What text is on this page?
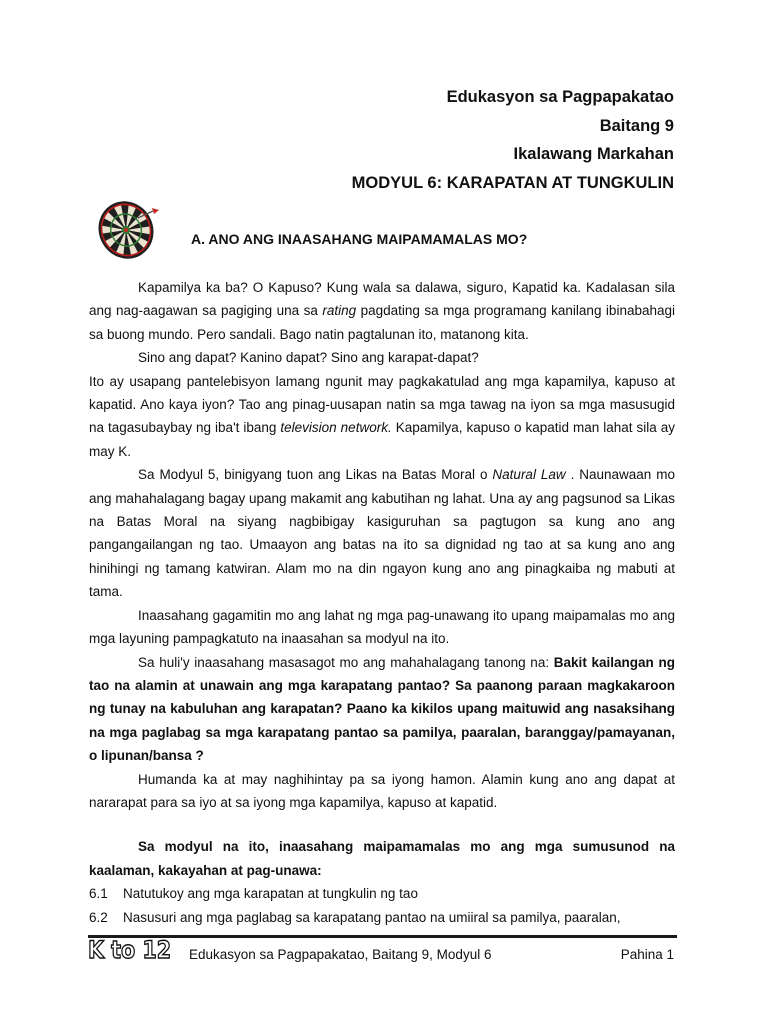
Edukasyon sa Pagpapakatao
Baitang 9
Ikalawang Markahan
MODYUL 6: KARAPATAN AT TUNGKULIN
A. ANO ANG INAASAHANG MAIPAMAMALAS MO?

Kapamilya ka ba? O Kapuso? Kung wala sa dalawa, siguro, Kapatid ka. Kadalasan sila ang nag-aagawan sa pagiging una sa rating pagdating sa mga programang kanilang ibinabahagi sa buong mundo. Pero sandali. Bago natin pagtalunan ito, matanong kita.

Sino ang dapat? Kanino dapat? Sino ang karapat-dapat?

Ito ay usapang pantelebisyon lamang ngunit may pagkakatulad ang mga kapamilya, kapuso at kapatid. Ano kaya iyon? Tao ang pinag-uusapan natin sa mga tawag na iyon sa mga masusugid na tagasubaybay ng iba't ibang television network. Kapamilya, kapuso o kapatid man lahat sila ay may K.

Sa Modyul 5, binigyang tuon ang Likas na Batas Moral o Natural Law . Naunawaan mo ang mahahalagang bagay upang makamit ang kabutihan ng lahat. Una ay ang pagsunod sa Likas na Batas Moral na siyang nagbibigay kasiguruhan sa pagtugon sa kung ano ang pangangailangan ng tao. Umaayon ang batas na ito sa dignidad ng tao at sa kung ano ang hinihingi ng tamang katwiran. Alam mo na din ngayon kung ano ang pinagkaiba ng mabuti at tama.

Inaasahang gagamitin mo ang lahat ng mga pag-unawang ito upang maipamalas mo ang mga layuning pampagkatuto na inaasahan sa modyul na ito.

Sa huli'y inaasahang masasagot mo ang mahahalagang tanong na: Bakit kailangan ng tao na alamin at unawain ang mga karapatang pantao? Sa paanong paraan magkakaroon ng tunay na kabuluhan ang karapatan? Paano ka kikilos upang maituwid ang nasaksihang na mga paglabag sa mga karapatang pantao sa pamilya, paaralan, baranggay/pamayanan, o lipunan/bansa ?

Humanda ka at may naghihintay pa sa iyong hamon. Alamin kung ano ang dapat at nararapat para sa iyo at sa iyong mga kapamilya, kapuso at kapatid.

Sa modyul na ito, inaasahang maipamamalas mo ang mga sumusunod na kaalaman, kakayahan at pag-unawa:

6.1	Natutukoy ang mga karapatan at tungkulin ng tao
6.2	Nasusuri ang mga paglabag sa karapatang pantao na umiiral sa pamilya, paaralan,
K to 12 Edukasyon sa Pagpapakatao, Baitang 9, Modyul 6	Pahina 1
